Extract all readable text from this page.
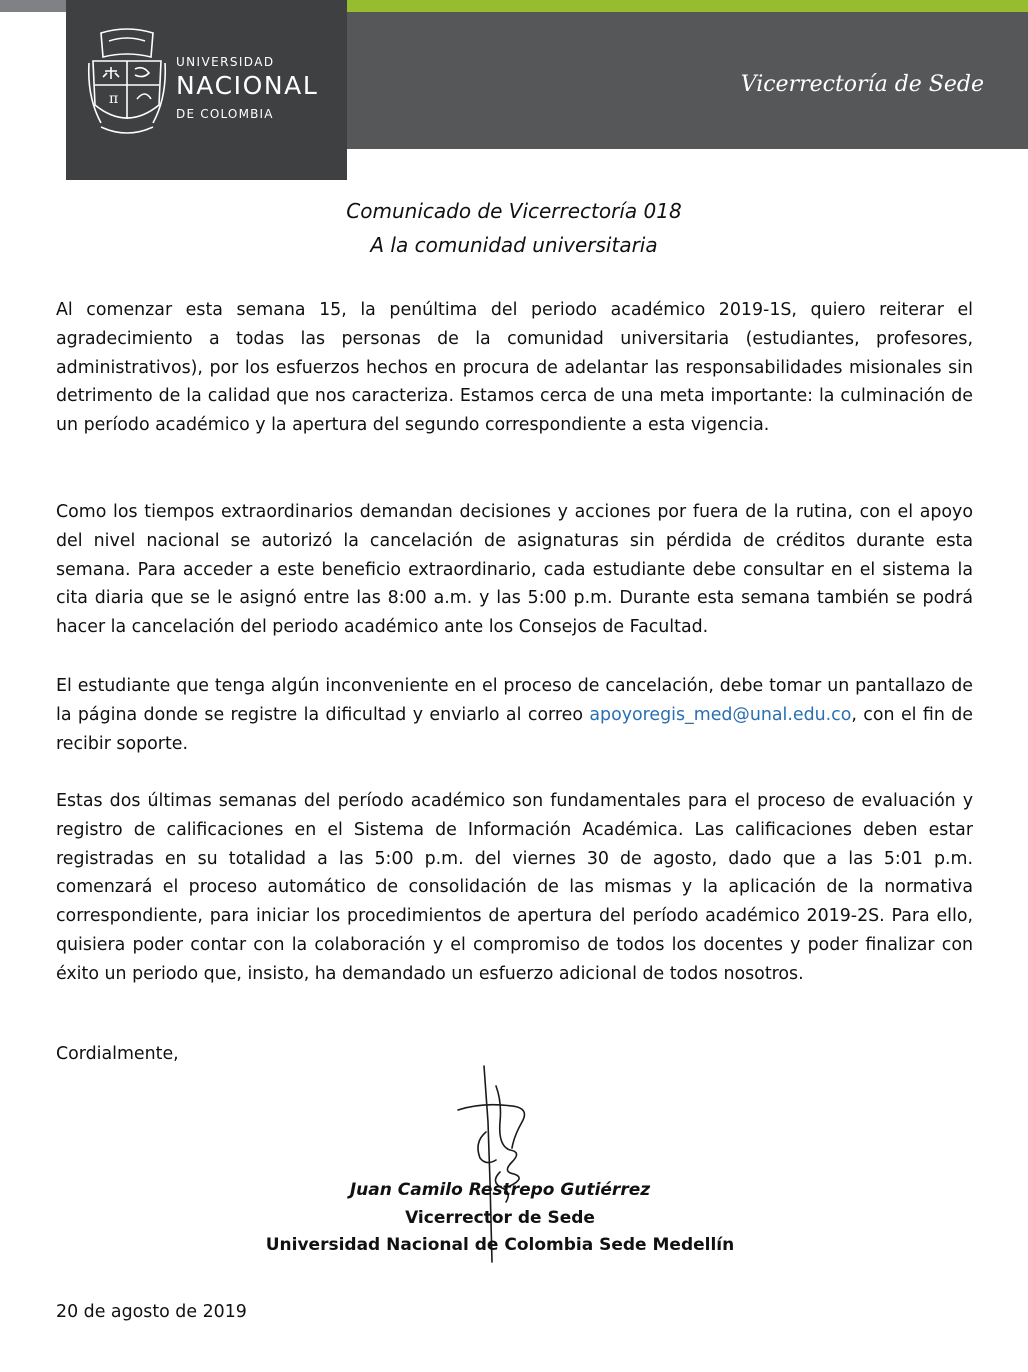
π

UNIVERSIDAD

NACIONAL

DE COLOMBIA

Vicerrectoría de Sede

Comunicado de Vicerrectoría 018

A la comunidad universitaria

Al comenzar esta semana 15, la penúltima del periodo académico 2019-1S, quiero reiterar el agradecimiento a todas las personas de la comunidad universitaria (estudiantes, profesores, administrativos), por los esfuerzos hechos en procura de adelantar las responsabilidades misionales sin detrimento de la calidad que nos caracteriza. Estamos cerca de una meta importante: la culminación de un período académico y la apertura del segundo correspondiente a esta vigencia.

Como los tiempos extraordinarios demandan decisiones y acciones por fuera de la rutina, con el apoyo del nivel nacional se autorizó la cancelación de asignaturas sin pérdida de créditos durante esta semana. Para acceder a este beneficio extraordinario, cada estudiante debe consultar en el sistema la cita diaria que se le asignó entre las 8:00 a.m. y las 5:00 p.m. Durante esta semana también se podrá hacer la cancelación del periodo académico ante los Consejos de Facultad.

El estudiante que tenga algún inconveniente en el proceso de cancelación, debe tomar un pantallazo de la página donde se registre la dificultad y enviarlo al correo apoyoregis_med@unal.edu.co, con el fin de recibir soporte.

Estas dos últimas semanas del período académico son fundamentales para el proceso de evaluación y registro de calificaciones en el Sistema de Información Académica. Las calificaciones deben estar registradas en su totalidad a las 5:00 p.m. del viernes 30 de agosto, dado que a las 5:01 p.m. comenzará el proceso automático de consolidación de las mismas y la aplicación de la normativa correspondiente, para iniciar los procedimientos de apertura del período académico 2019-2S. Para ello, quisiera poder contar con la colaboración y el compromiso de todos los docentes y poder finalizar con éxito un periodo que, insisto, ha demandado un esfuerzo adicional de todos nosotros.

Cordialmente,

Juan Camilo Restrepo Gutiérrez

Vicerrector de Sede

Universidad Nacional de Colombia Sede Medellín

20 de agosto de 2019
